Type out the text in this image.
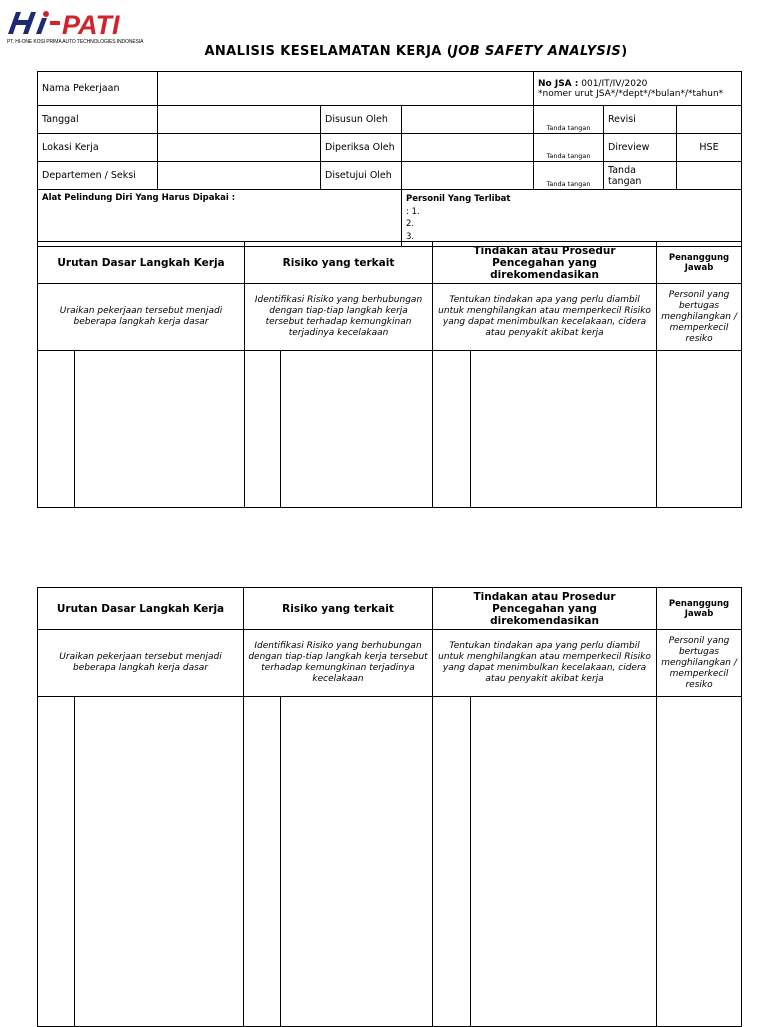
PATI
PT. HI-ONE KOSI PRIMA AUTO TECHNOLOGIES INDONESIA
ANALISIS KESELAMATAN KERJA (JOB SAFETY ANALYSIS)
Nama Pekerjaan				No JSA : 001/IT/IV/2020
*nomer urut JSA*/*dept*/*bulan*/*tahun*		
Tanggal		Disusun Oleh		Tanda tangan	Revisi	
Lokasi Kerja		Diperiksa Oleh		Tanda tangan	Direview	HSE
Departemen / Seksi		Disetujui Oleh		Tanda tangan	Tanda tangan	
Alat Pelindung Diri Yang Harus Dipakai :			Personil Yang Terlibat
: 1.
2.
3.			
Urutan Dasar Langkah Kerja		Risiko yang terkait		Tindakan atau Prosedur Pencegahan yang direkomendasikan		Penanggung Jawab
Uraikan pekerjaan tersebut menjadi beberapa langkah kerja dasar		Identifikasi Risiko yang berhubungan dengan tiap-tiap langkah kerja tersebut terhadap kemungkinan terjadinya kecelakaan		Tentukan tindakan apa yang perlu diambil untuk menghilangkan atau memperkecil Risiko yang dapat menimbulkan kecelakaan, cidera atau penyakit akibat kerja		Personil yang bertugas menghilangkan / memperkecil resiko

Urutan Dasar Langkah Kerja		Risiko yang terkait		Tindakan atau Prosedur Pencegahan yang direkomendasikan		Penanggung Jawab
Uraikan pekerjaan tersebut menjadi beberapa langkah kerja dasar		Identifikasi Risiko yang berhubungan dengan tiap-tiap langkah kerja tersebut terhadap kemungkinan terjadinya kecelakaan		Tentukan tindakan apa yang perlu diambil untuk menghilangkan atau memperkecil Risiko yang dapat menimbulkan kecelakaan, cidera atau penyakit akibat kerja		Personil yang bertugas menghilangkan / memperkecil resiko
